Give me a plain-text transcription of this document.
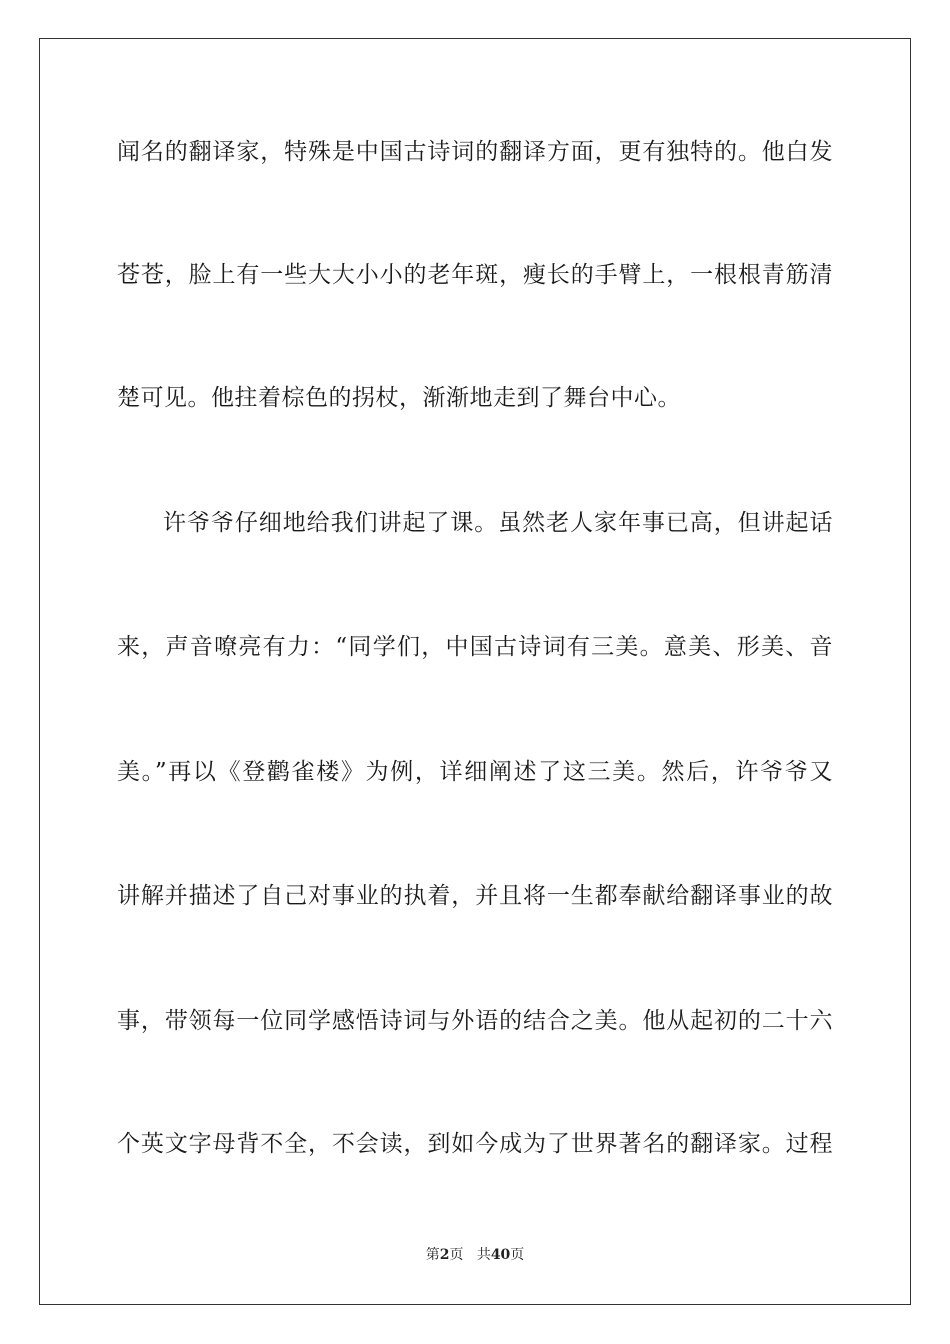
闻名的翻译家，特殊是中国古诗词的翻译方面，更有独特的。他白发
苍苍，脸上有一些大大小小的老年斑，瘦长的手臂上，一根根青筋清
楚可见。他拄着棕色的拐杖，渐渐地走到了舞台中心。
许爷爷仔细地给我们讲起了课。虽然老人家年事已高，但讲起话
来，声音嘹亮有力：“同学们，中国古诗词有三美。意美、形美、音
美。”再以《登鹳雀楼》为例，详细阐述了这三美。然后，许爷爷又
讲解并描述了自己对事业的执着，并且将一生都奉献给翻译事业的故
事，带领每一位同学感悟诗词与外语的结合之美。他从起初的二十六
个英文字母背不全，不会读，到如今成为了世界著名的翻译家。过程
第2页 共40页
